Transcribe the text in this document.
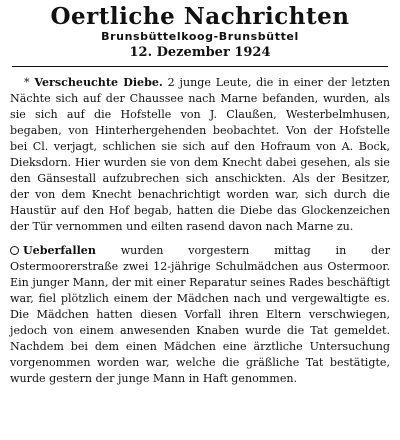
Oertliche Nachrichten
Brunsbüttelkoog-Brunsbüttel
12. Dezember 1924

* Verscheuchte Diebe. 2 junge Leute, die in einer der letzten Nächte sich auf der Chaussee nach Marne befanden, wurden, als sie sich auf die Hofstelle von J. Claußen, Westerbelmhusen, begaben, von Hinterhergehenden beobachtet. Von der Hofstelle bei Cl. verjagt, schlichen sie sich auf den Hofraum von A. Bock, Dieksdorn. Hier wurden sie von dem Knecht dabei gesehen, als sie den Gänsestall aufzubrechen sich anschickten. Als der Besitzer, der von dem Knecht benachrichtigt worden war, sich durch die Haustür auf den Hof begab, hatten die Diebe das Glockenzeichen der Tür vernommen und eilten rasend davon nach Marne zu.

Ueberfallen wurden vorgestern mittag in der Ostermoorerstraße zwei 12-jährige Schulmädchen aus Ostermoor. Ein junger Mann, der mit einer Reparatur seines Rades beschäftigt war, fiel plötzlich einem der Mädchen nach und vergewaltigte es. Die Mädchen hatten diesen Vorfall ihren Eltern verschwiegen, jedoch von einem anwesenden Knaben wurde die Tat gemeldet. Nachdem bei dem einen Mädchen eine ärztliche Untersuchung vorgenommen worden war, welche die gräßliche Tat bestätigte, wurde gestern der junge Mann in Haft genommen.
